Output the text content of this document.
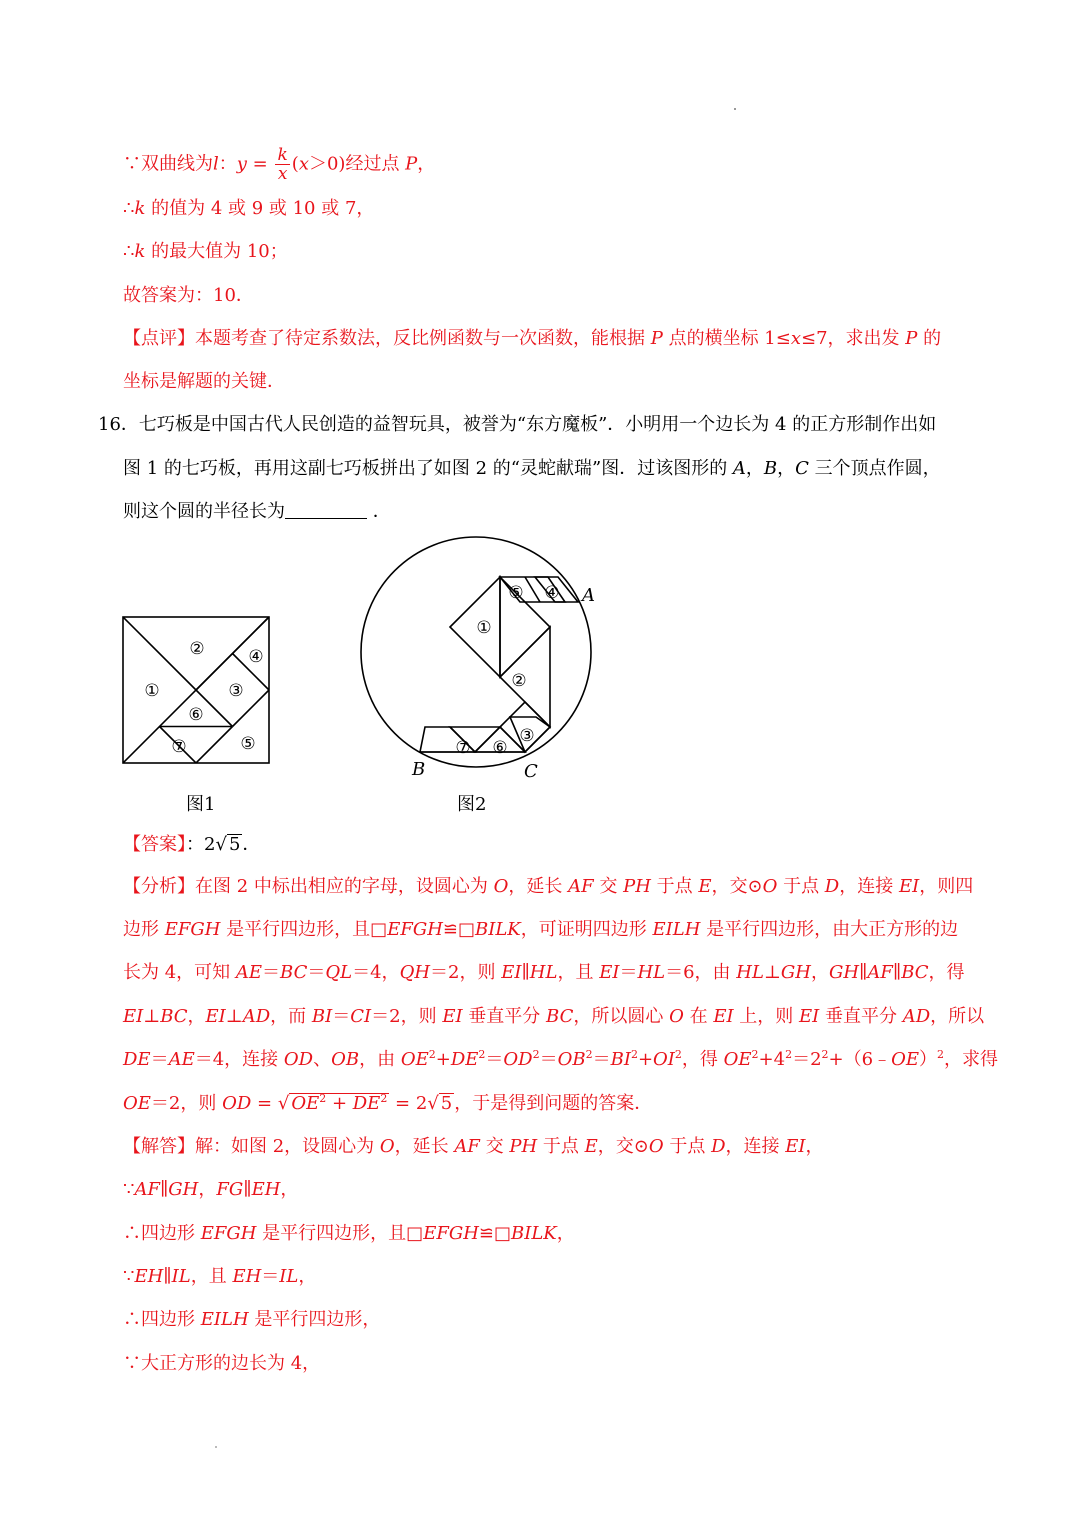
∵双曲线为l：$y = \frac{k}{x} (x>0)$经过点 P，
∴k 的值为 4 或 9 或 10 或 7，
∴k 的最大值为 10；
故答案为：10．
【点评】本题考查了待定系数法，反比例函数与一次函数，能根据 P 点的横坐标 1≤x≤7，求出发 P 的
坐标是解题的关键．
16．七巧板是中国古代人民创造的益智玩具，被誉为“东方魔板”．小明用一个边长为 4 的正方形制作出如
图 1 的七巧板，再用这副七巧板拼出了如图 2 的“灵蛇献瑞”图．过该图形的 A，B，C 三个顶点作圆，
则这个圆的半径长为	．
①
②
③
④
⑤
⑥
⑦
图1
①
②
③
④
⑤
⑥
⑦
A
B	C
图2
【答案】：2√ 5 ．
【分析】在图 2 中标出相应的字母，设圆心为 O，延长 AF 交 PH 于点 E，交⊙O 于点 D，连接 EI，则四
边形 EFGH 是平行四边形，且□EFGH≌□BILK，可证明四边形 EILH 是平行四边形，由大正方形的边
长为 4，可知 AE＝BC＝QL＝4，QH＝2，则 EI∥HL，且 EI＝HL＝6，由 HL⊥GH，GH∥AF∥BC，得
EI⊥BC，EI⊥AD，而 BI＝CI＝2，则 EI 垂直平分 BC，所以圆心 O 在 EI 上，则 EI 垂直平分 AD，所以
DE＝AE＝4，连接 OD、OB，由 $OE^2+DE^2=OD^2=OB^2=BI^2+OI^2$，得 $OE^2+4^2=2^2+(6﹣OE)^2$，求得
OE＝2，则 OD = √ $OE^2 + DE^2 = 2√$ 5 ，于是得到问题的答案．
【解答】解：如图 2，设圆心为 O，延长 AF 交 PH 于点 E，交⊙O 于点 D，连接 EI，
∵AF∥GH，FG∥EH，
∴四边形 EFGH 是平行四边形，且□EFGH≌□BILK，
∵EH∥IL，且 EH＝IL，
∴四边形 EILH 是平行四边形，
∵大正方形的边长为 4，
